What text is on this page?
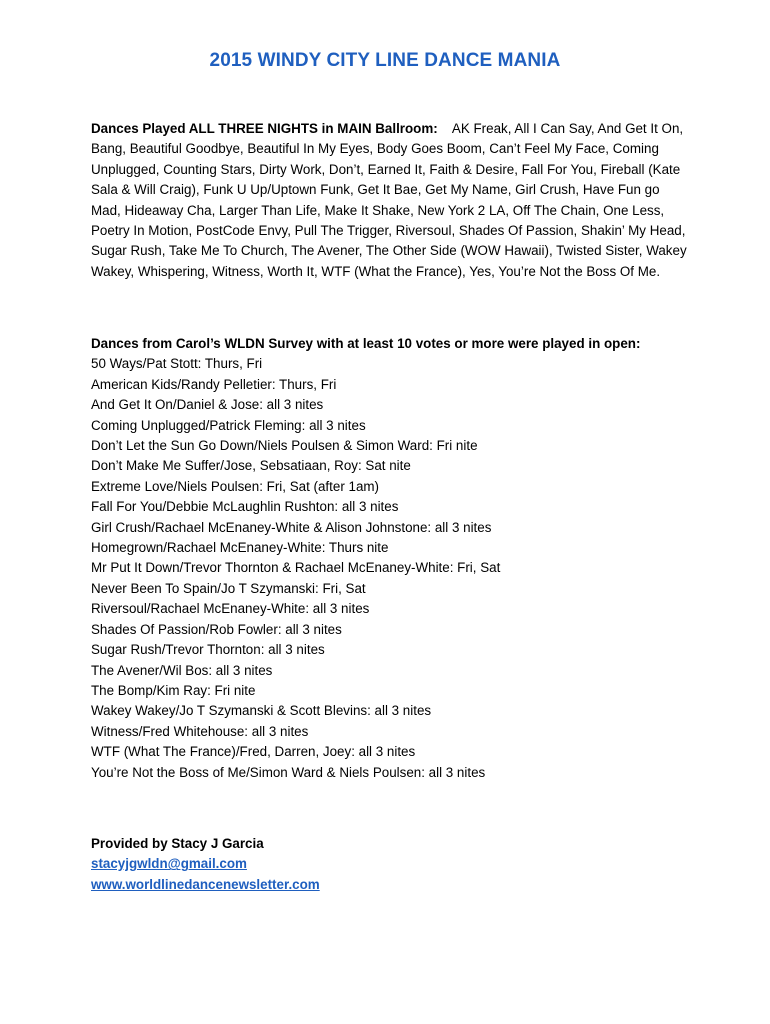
2015 WINDY CITY LINE DANCE MANIA
Dances Played ALL THREE NIGHTS in MAIN Ballroom: AK Freak, All I Can Say, And Get It On, Bang, Beautiful Goodbye, Beautiful In My Eyes, Body Goes Boom, Can’t Feel My Face, Coming Unplugged, Counting Stars, Dirty Work, Don’t, Earned It, Faith & Desire, Fall For You, Fireball (Kate Sala & Will Craig), Funk U Up/Uptown Funk, Get It Bae, Get My Name, Girl Crush, Have Fun go Mad, Hideaway Cha, Larger Than Life, Make It Shake, New York 2 LA, Off The Chain, One Less, Poetry In Motion, PostCode Envy, Pull The Trigger, Riversoul, Shades Of Passion, Shakin’ My Head, Sugar Rush, Take Me To Church, The Avener, The Other Side (WOW Hawaii), Twisted Sister, Wakey Wakey, Whispering, Witness, Worth It, WTF (What the France), Yes, You’re Not the Boss Of Me.
Dances from Carol’s WLDN Survey with at least 10 votes or more were played in open:
50 Ways/Pat Stott: Thurs, Fri
American Kids/Randy Pelletier: Thurs, Fri
And Get It On/Daniel & Jose: all 3 nites
Coming Unplugged/Patrick Fleming: all 3 nites
Don’t Let the Sun Go Down/Niels Poulsen & Simon Ward: Fri nite
Don’t Make Me Suffer/Jose, Sebsatiaan, Roy: Sat nite
Extreme Love/Niels Poulsen: Fri, Sat (after 1am)
Fall For You/Debbie McLaughlin Rushton: all 3 nites
Girl Crush/Rachael McEnaney-White & Alison Johnstone: all 3 nites
Homegrown/Rachael McEnaney-White: Thurs nite
Mr Put It Down/Trevor Thornton & Rachael McEnaney-White: Fri, Sat
Never Been To Spain/Jo T Szymanski: Fri, Sat
Riversoul/Rachael McEnaney-White: all 3 nites
Shades Of Passion/Rob Fowler: all 3 nites
Sugar Rush/Trevor Thornton: all 3 nites
The Avener/Wil Bos: all 3 nites
The Bomp/Kim Ray: Fri nite
Wakey Wakey/Jo T Szymanski & Scott Blevins: all 3 nites
Witness/Fred Whitehouse: all 3 nites
WTF (What The France)/Fred, Darren, Joey: all 3 nites
You’re Not the Boss of Me/Simon Ward & Niels Poulsen: all 3 nites
Provided by Stacy J Garcia
stacyjgwldn@gmail.com
www.worldlinedancenewsletter.com
